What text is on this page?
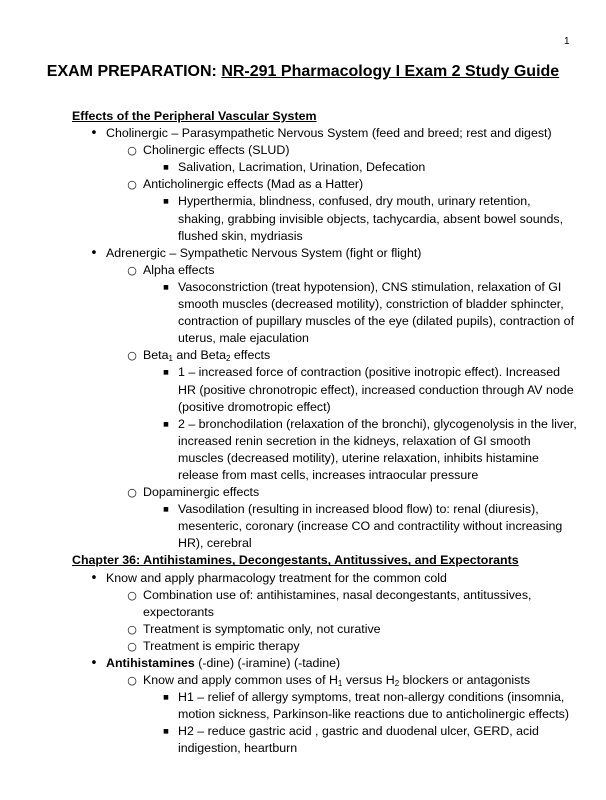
1
EXAM PREPARATION: NR-291 Pharmacology I Exam 2 Study Guide
Effects of the Peripheral Vascular System
• Cholinergic – Parasympathetic Nervous System (feed and breed; rest and digest)
○ Cholinergic effects (SLUD)
■ Salivation, Lacrimation, Urination, Defecation
○ Anticholinergic effects (Mad as a Hatter)
■ Hyperthermia, blindness, confused, dry mouth, urinary retention,
shaking, grabbing invisible objects, tachycardia, absent bowel sounds,
flushed skin, mydriasis
• Adrenergic – Sympathetic Nervous System (fight or flight)
○ Alpha effects
■ Vasoconstriction (treat hypotension), CNS stimulation, relaxation of GI
smooth muscles (decreased motility), constriction of bladder sphincter,
contraction of pupillary muscles of the eye (dilated pupils), contraction of
uterus, male ejaculation
○ Beta$_1$ and Beta$_2$ effects
■ 1 – increased force of contraction (positive inotropic effect). Increased
HR (positive chronotropic effect), increased conduction through AV node
(positive dromotropic effect)
■ 2 – bronchodilation (relaxation of the bronchi), glycogenolysis in the liver,
increased renin secretion in the kidneys, relaxation of GI smooth
muscles (decreased motility), uterine relaxation, inhibits histamine
release from mast cells, increases intraocular pressure
○ Dopaminergic effects
■ Vasodilation (resulting in increased blood flow) to: renal (diuresis),
mesenteric, coronary (increase CO and contractility without increasing
HR), cerebral
Chapter 36: Antihistamines, Decongestants, Antitussives, and Expectorants
• Know and apply pharmacology treatment for the common cold
○ Combination use of: antihistamines, nasal decongestants, antitussives,
expectorants
○ Treatment is symptomatic only, not curative
○ Treatment is empiric therapy
• Antihistamines (-dine) (-iramine) (-tadine)
○ Know and apply common uses of $H_1$ versus $H_2$ blockers or antagonists
■ H1 – relief of allergy symptoms, treat non-allergy conditions (insomnia,
motion sickness, Parkinson-like reactions due to anticholinergic effects)
■ H2 – reduce gastric acid , gastric and duodenal ulcer, GERD, acid
indigestion, heartburn
